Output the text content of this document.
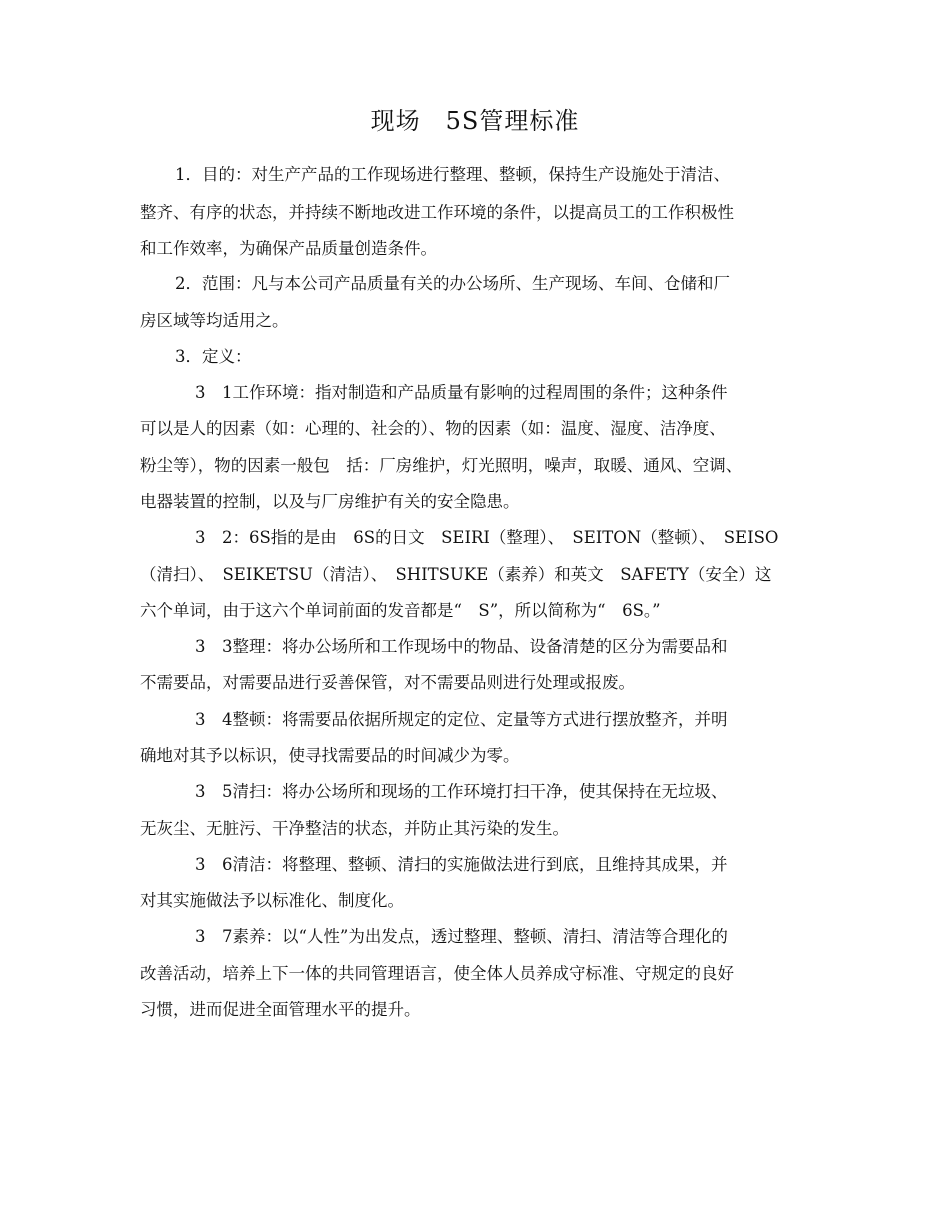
现场　5S管理标准
1．目的：对生产产品的工作现场进行整理、整顿，保持生产设施处于清洁、
整齐、有序的状态，并持续不断地改进工作环境的条件，以提高员工的工作积极性
和工作效率，为确保产品质量创造条件。
2．范围：凡与本公司产品质量有关的办公场所、生产现场、车间、仓储和厂
房区域等均适用之。
3．定义：
3　1工作环境：指对制造和产品质量有影响的过程周围的条件；这种条件
可以是人的因素（如：心理的、社会的）、物的因素（如：温度、湿度、洁净度、
粉尘等），物的因素一般包　括：厂房维护，灯光照明，噪声，取暖、通风、空调、
电器装置的控制，以及与厂房维护有关的安全隐患。
3　2：6S指的是由　6S的日文　SEIRI（整理）、　SEITON（整顿）、　SEISO
（清扫）、　SEIKETSU（清洁）、　SHITSUKE（素养）和英文　SAFETY（安全）这
六个单词，由于这六个单词前面的发音都是“　S”，所以简称为“　6S。”
3　3整理：将办公场所和工作现场中的物品、设备清楚的区分为需要品和
不需要品，对需要品进行妥善保管，对不需要品则进行处理或报废。
3　4整顿：将需要品依据所规定的定位、定量等方式进行摆放整齐，并明
确地对其予以标识，使寻找需要品的时间减少为零。
3　5清扫：将办公场所和现场的工作环境打扫干净，使其保持在无垃圾、
无灰尘、无脏污、干净整洁的状态，并防止其污染的发生。
3　6清洁：将整理、整顿、清扫的实施做法进行到底，且维持其成果，并
对其实施做法予以标准化、制度化。
3　7素养：以“人性”为出发点，透过整理、整顿、清扫、清洁等合理化的
改善活动，培养上下一体的共同管理语言，使全体人员养成守标准、守规定的良好
习惯，进而促进全面管理水平的提升。
